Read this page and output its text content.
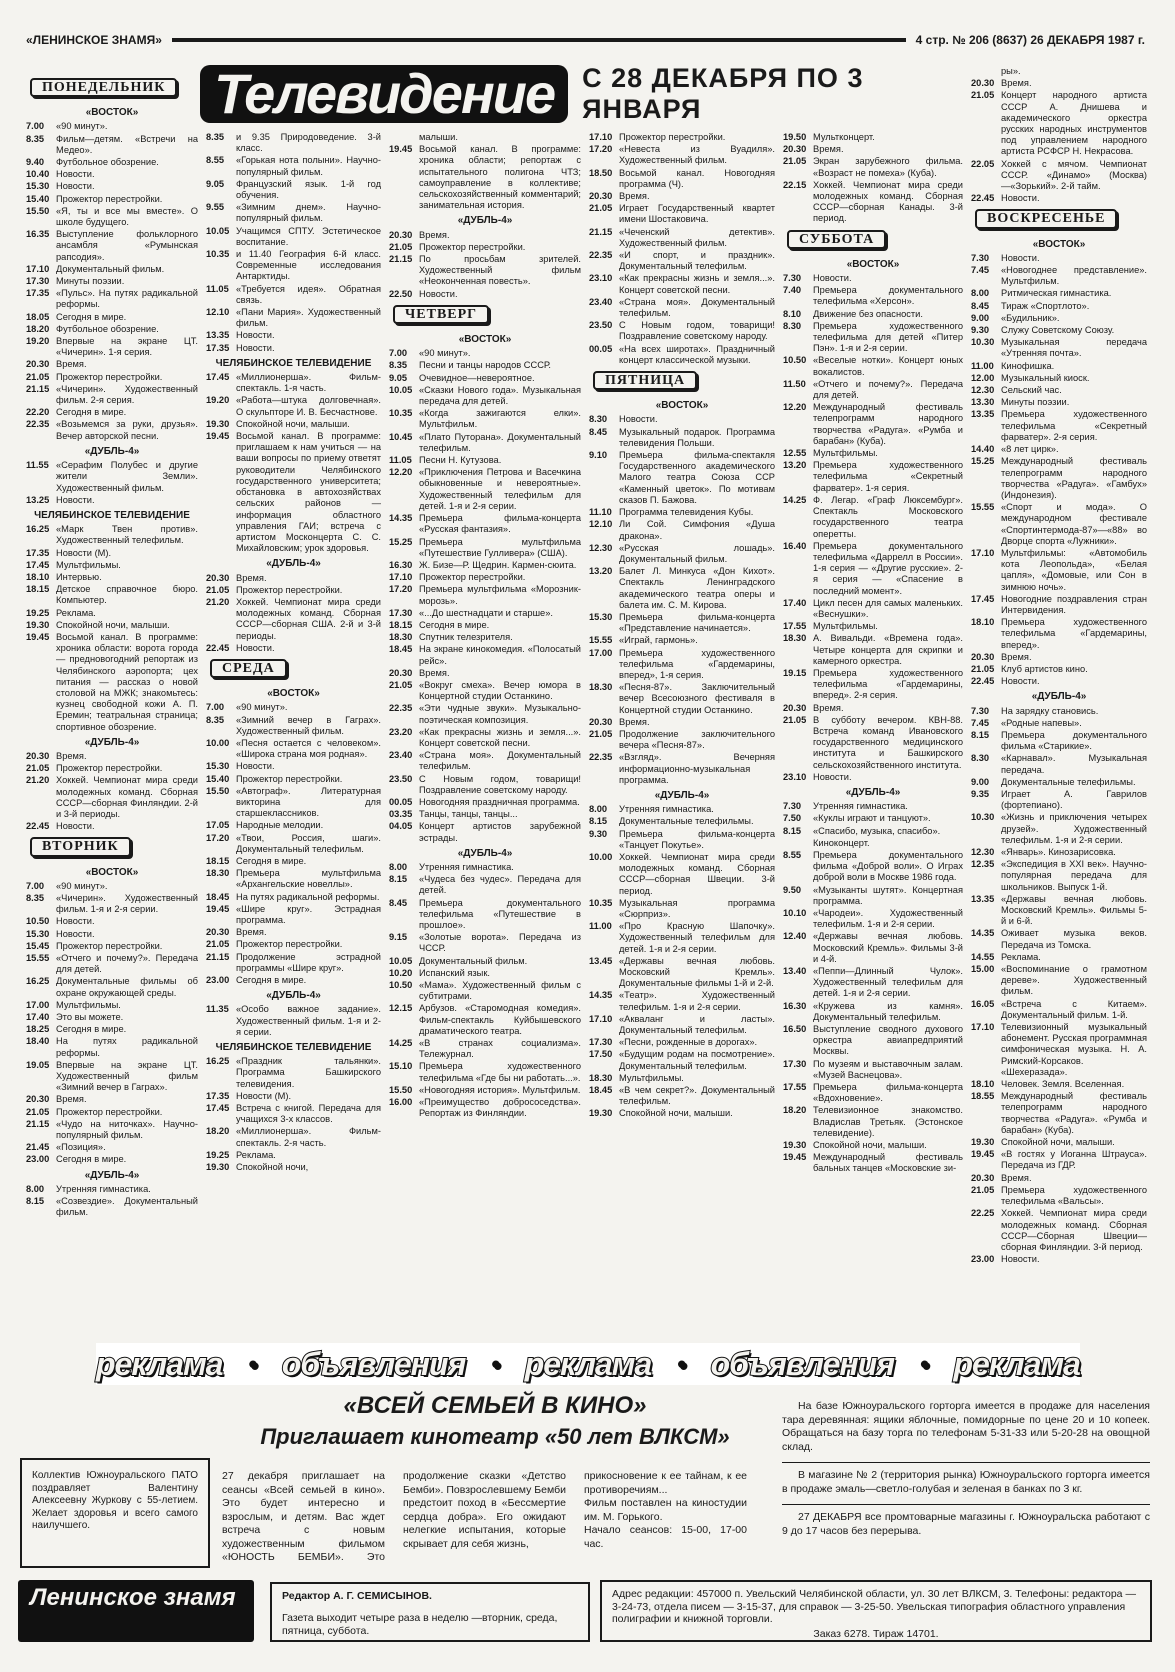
«ЛЕНИНСКОЕ ЗНАМЯ»	4 стр. № 206 (8637) 26 ДЕКАБРЯ 1987 г.
Телевидение	С 28 ДЕКАБРЯ ПО 3 ЯНВАРЯ
ПОНЕДЕЛЬНИК
«ВОСТОК»
7.00	«90 минут».
8.35	Фильм—детям. «Встречи на Медео».
9.40	Футбольное обозрение.
10.40 Новости.
15.30 Новости.
15.40 Прожектор перестройки.
15.50 «Я, ты и все мы вместе». О школе будущего.
16.35 Выступление фольклорного ансамбля «Румынская рапсодия».
17.10 Документальный фильм.
17.30 Минуты поэзии.
17.35 «Пульс». На путях радикальной реформы.
18.05 Сегодня в мире.
18.20 Футбольное обозрение.
19.20 Впервые на экране ЦТ. «Чичерин». 1-я серия.
20.30 Время.
21.05 Прожектор перестройки.
21.15 «Чичерин». Художественный фильм. 2-я серия.
22.20 Сегодня в мире.
22.35 «Возьмемся за руки, друзья». Вечер авторской песни.
«ДУБЛЬ-4»
11.55 «Серафим Полубес и другие жители Земли». Художественный фильм.
13.25 Новости.
ЧЕЛЯБИНСКОЕ ТЕЛЕВИДЕНИЕ
16.25 «Марк Твен против». Художественный телефильм.
17.35 Новости (М).
17.45 Мультфильмы.
18.10 Интервью.
18.15 Детское справочное бюро. Компьютер.
19.25 Реклама.
19.30 Спокойной ночи, малыши.
19.45 Восьмой канал. В программе: хроника области: ворота города — предновогодний репортаж из Челябинского аэропорта; цех питания — рассказ о новой столовой на МЖК; знакомьтесь: кузнец свободной кожи А. П. Еремин; театральная страница; спортивное обозрение.
«ДУБЛЬ-4»
20.30 Время.
21.05 Прожектор перестройки.
21.20 Хоккей. Чемпионат мира среди молодежных команд. Сборная СССР—сборная Финляндии. 2-й и 3-й периоды.
22.45 Новости.
ВТОРНИК
«ВОСТОК»
7.00	«90 минут».
8.35	«Чичерин». Художественный фильм. 1-я и 2-я серии.
10.50 Новости.
15.30 Новости.
15.45 Прожектор перестройки.
15.55 «Отчего и почему?». Передача для детей.
16.25 Документальные фильмы об охране окружающей среды.
17.00 Мультфильмы.
17.40 Это вы можете.
18.25 Сегодня в мире.
18.40 На путях радикальной реформы.
19.05 Впервые на экране ЦТ. Художественный фильм «Зимний вечер в Гаграх».
20.30 Время.
21.05 Прожектор перестройки.
21.15 «Чудо на ниточках». Научно-популярный фильм.
21.45 «Позиция».
23.00 Сегодня в мире.
«ДУБЛЬ-4»
8.00	Утренняя гимнастика.
8.15	«Созвездие». Документальный фильм.
8.35	и 9.35 Природоведение. 3-й класс.
8.55	«Горькая нота полыни». Научно-популярный фильм.
9.05	Французский язык. 1-й год обучения.
9.55	«Зимним днем». Научно-популярный фильм.
10.05 Учащимся СПТУ. Эстетическое воспитание.
10.35 и 11.40 География 6-й класс. Современные исследования Антарктиды.
11.05 «Требуется идея». Обратная связь.
12.10 «Пани Мария». Художественный фильм.
13.35 Новости.
17.35 Новости.
ЧЕЛЯБИНСКОЕ ТЕЛЕВИДЕНИЕ
17.45 «Миллионерша». Фильм-спектакль. 1-я часть.
19.20 «Работа—штука долговечная». О скульпторе И. В. Бесчастнове.
19.30 Спокойной ночи, малыши.
19.45 Восьмой канал. В программе: приглашаем к нам учиться — на ваши вопросы по приему ответят руководители Челябинского государственного университета; обстановка в автохозяйствах сельских районов — информация областного управления ГАИ; встреча с артистом Москонцерта С. С. Михайловским; урок здоровья.
«ДУБЛЬ-4»
20.30 Время.
21.05 Прожектор перестройки.
21.20 Хоккей. Чемпионат мира среди молодежных команд. Сборная СССР—сборная США. 2-й и 3-й периоды.
22.45 Новости.
СРЕДА
«ВОСТОК»
7.00	«90 минут».
8.35	«Зимний вечер в Гаграх». Художественный фильм.
10.00 «Песня остается с человеком». «Широка страна моя родная».
15.30 Новости.
15.40 Прожектор перестройки.
15.50 «Автограф». Литературная викторина для старшеклассников.
17.05 Народные мелодии.
17.20 «Твои, Россия, шаги». Документальный телефильм.
18.15 Сегодня в мире.
18.30 Премьера мультфильма «Архангельские новеллы».
18.45 На путях радикальной реформы.
19.45 «Шире круг». Эстрадная программа.
20.30 Время.
21.05 Прожектор перестройки.
21.15 Продолжение эстрадной программы «Шире круг».
23.00 Сегодня в мире.
«ДУБЛЬ-4»
11.35 «Особо важное задание». Художественный фильм. 1-я и 2-я серии.
ЧЕЛЯБИНСКОЕ ТЕЛЕВИДЕНИЕ
16.25 «Праздник тальянки». Программа Башкирского телевидения.
17.35 Новости (М).
17.45 Встреча с книгой. Передача для учащихся 3-х классов.
18.20 «Миллионерша». Фильм-спектакль. 2-я часть.
19.25 Реклама.
19.30 Спокойной ночи,
малыши.
19.45 Восьмой канал. В программе: хроника области; репортаж с испытательного полигона ЧТЗ; самоуправление в коллективе; сельскохозяйственный комментарий; занимательная история.
«ДУБЛЬ-4»
20.30 Время.
21.05 Прожектор перестройки.
21.15 По просьбам зрителей. Художественный фильм «Неоконченная повесть».
22.50 Новости.
ЧЕТВЕРГ
«ВОСТОК»
7.00	«90 минут».
8.35	Песни и танцы народов СССР.
9.05	Очевидное—невероятное.
10.05 «Сказки Нового года». Музыкальная передача для детей.
10.35 «Когда зажигаются елки». Мультфильм.
10.45 «Плато Путорана». Документальный телефильм.
11.05 Песни Н. Кутузова.
12.20 «Приключения Петрова и Васечкина обыкновенные и невероятные». Художественный телефильм для детей. 1-я и 2-я серии.
14.35 Премьера фильма-концерта «Русская фантазия».
15.25 Премьера мультфильма «Путешествие Гулливера» (США).
16.30 Ж. Бизе—Р. Щедрин. Кармен-сюита.
17.10 Прожектор перестройки.
17.20 Премьера мультфильма «Морозник-морозь».
17.30 «...До шестнадцати и старше».
18.15 Сегодня в мире.
18.30 Спутник телезрителя.
18.45 На экране кинокомедия. «Полосатый рейс».
20.30 Время.
21.05 «Вокруг смеха». Вечер юмора в Концертной студии Останкино.
22.35 «Эти чудные звуки». Музыкально-поэтическая композиция.
23.20 «Как прекрасны жизнь и земля...». Концерт советской песни.
23.40 «Страна моя». Документальный телефильм.
23.50 С Новым годом, товарищи! Поздравление советскому народу.
00.05 Новогодняя праздничная программа.
03.35 Танцы, танцы, танцы...
04.05 Концерт артистов зарубежной эстрады.
«ДУБЛЬ-4»
8.00	Утренняя гимнастика.
8.15	«Чудеса без чудес». Передача для детей.
8.45	Премьера документального телефильма «Путешествие в прошлое».
9.15	«Золотые ворота». Передача из ЧССР.
10.05 Документальный фильм.
10.20 Испанский язык.
10.50 «Мама». Художественный фильм с субтитрами.
12.15 Арбузов. «Старомодная комедия». Фильм-спектакль Куйбышевского драматического театра.
14.25 «В странах социализма». Тележурнал.
15.10 Премьера художественного телефильма «Где бы ни работать...».
15.50 «Новогодняя история». Мультфильм.
16.00 «Преимущество добрососедства». Репортаж из Финляндии.
17.10 Прожектор перестройки.
17.20 «Невеста из Вуадиля». Художественный фильм.
18.50 Восьмой канал. Новогодняя программа (Ч).
20.30 Время.
21.05 Играет Государственный квартет имени Шостаковича.
21.15 «Чеченский детектив». Художественный фильм.
22.35 «И спорт, и праздник». Документальный телефильм.
23.10 «Как прекрасны жизнь и земля...». Концерт советской песни.
23.40 «Страна моя». Документальный телефильм.
23.50 С Новым годом, товарищи! Поздравление советскому народу.
00.05 «На всех широтах». Праздничный концерт классической музыки.
ПЯТНИЦА
«ВОСТОК»
8.30	Новости.
8.45	Музыкальный подарок. Программа телевидения Польши.
9.10	Премьера фильма-спектакля Государственного академического Малого театра Союза ССР «Каменный цветок». По мотивам сказов П. Бажова.
11.10 Программа телевидения Кубы.
12.10 Ли Сой. Симфония «Душа дракона».
12.30 «Русская лошадь». Документальный фильм.
13.20 Балет Л. Минкуса «Дон Кихот». Спектакль Ленинградского академического театра оперы и балета им. С. М. Кирова.
15.30 Премьера фильма-концерта «Представление начинается».
15.55 «Играй, гармонь».
17.00 Премьера художественного телефильма «Гардемарины, вперед», 1-я серия.
18.30 «Песня-87». Заключительный вечер Всесоюзного фестиваля в Концертной студии Останкино.
20.30 Время.
21.05 Продолжение заключительного вечера «Песня-87».
22.35 «Взгляд». Вечерняя информационно-музыкальная программа.
«ДУБЛЬ-4»
8.00	Утренняя гимнастика.
8.15	Документальные телефильмы.
9.30	Премьера фильма-концерта «Танцует Покутье».
10.00 Хоккей. Чемпионат мира среди молодежных команд. Сборная СССР—сборная Швеции. 3-й период.
10.35 Музыкальная программа «Сюрприз».
11.00 «Про Красную Шапочку». Художественный телефильм для детей. 1-я и 2-я серии.
13.45 «Державы вечная любовь. Московский Кремль». Документальные фильмы 1-й и 2-й.
14.35 «Театр». Художественный телефильм. 1-я и 2-я серии.
17.10 «Акваланг и ласты». Документальный телефильм.
17.30 «Песни, рожденные в дорогах».
17.50 «Будущим родам на посмотрение». Документальный телефильм.
18.30 Мультфильмы.
18.45 «В чем секрет?». Документальный телефильм.
19.30 Спокойной ночи, малыши.
19.50 Мультконцерт.
20.30 Время.
21.05 Экран зарубежного фильма. «Возраст не помеха» (Куба).
22.15 Хоккей. Чемпионат мира среди молодежных команд. Сборная СССР—сборная Канады. 3-й период.
СУББОТА
«ВОСТОК»
7.30	Новости.
7.40	Премьера документального телефильма «Херсон».
8.10	Движение без опасности.
8.30	Премьера художественного телефильма для детей «Питер Пэн». 1-я и 2-я серии.
10.50 «Веселые нотки». Концерт юных вокалистов.
11.50 «Отчего и почему?». Передача для детей.
12.20 Международный фестиваль телепрограмм народного творчества «Радуга». «Румба и барабан» (Куба).
12.55 Мультфильмы.
13.20 Премьера художественного телефильма «Секретный фарватер». 1-я серия.
14.25 Ф. Легар. «Граф Люксембург». Спектакль Московского государственного театра оперетты.
16.40 Премьера документального телефильма «Даррелл в России». 1-я серия — «Другие русские». 2-я серия — «Спасение в последний момент».
17.40 Цикл песен для самых маленьких. «Веснушки».
17.55 Мультфильмы.
18.30 А. Вивальди. «Времена года». Четыре концерта для скрипки и камерного оркестра.
19.15 Премьера художественного телефильма «Гардемарины, вперед». 2-я серия.
20.30 Время.
21.05 В субботу вечером. КВН-88. Встреча команд Ивановского государственного медицинского института и Башкирского сельскохозяйственного института.
23.10 Новости.
«ДУБЛЬ-4»
7.30	Утренняя гимнастика.
7.50	«Куклы играют и танцуют».
8.15	«Спасибо, музыка, спасибо».
Киноконцерт.
8.55	Премьера документального фильма «Доброй воли». О Играх доброй воли в Москве 1986 года.
9.50	«Музыканты шутят». Концертная программа.
10.10 «Чародеи». Художественный телефильм. 1-я и 2-я серии.
12.40 «Державы вечная любовь. Московский Кремль». Фильмы 3-й и 4-й.
13.40 «Пеппи—Длинный Чулок». Художественный телефильм для детей. 1-я и 2-я серии.
16.30 «Кружева из камня». Документальный телефильм.
16.50 Выступление сводного духового оркестра авиапредприятий Москвы.
17.30 По музеям и выставочным залам. «Музей Васнецова».
17.55 Премьера фильма-концерта «Вдохновение».
18.20 Телевизионное знакомство. Владислав Третьяк. (Эстонское телевидение).
19.30 Спокойной ночи, малыши.
19.45 Международный фестиваль бальных танцев «Московские зи-
ры».
20.30 Время.
21.05 Концерт народного артиста СССР А. Днишева и академического оркестра русских народных инструментов под управлением народного артиста РСФСР Н. Некрасова.
22.05 Хоккей с мячом. Чемпионат СССР. «Динамо» (Москва)—«Зорький». 2-й тайм.
22.45 Новости.
ВОСКРЕСЕНЬЕ
«ВОСТОК»
7.30	Новости.
7.45	«Новогоднее представление». Мультфильм.
8.00	Ритмическая гимнастика.
8.45	Тираж «Спортлото».
9.00	«Будильник».
9.30	Служу Советскому Союзу.
10.30 Музыкальная передача «Утренняя почта».
11.00 Кинофишка.
12.00 Музыкальный киоск.
12.30 Сельский час.
13.30 Минуты поэзии.
13.35 Премьера художественного телефильма «Секретный фарватер». 2-я серия.
14.40 «8 лет цирк».
15.25 Международный фестиваль телепрограмм народного творчества «Радуга». «Гамбух» (Индонезия).
15.55 «Спорт и мода». О международном фестивале «Спортинтермода-87»—«88» во Дворце спорта «Лужники».
17.10 Мультфильмы: «Автомобиль кота Леопольда», «Белая цапля», «Домовые, или Сон в зимнюю ночь».
17.45 Новогодние поздравления стран Интервидения.
18.10 Премьера художественного телефильма «Гардемарины, вперед».
20.30 Время.
21.05 Клуб артистов кино.
22.45 Новости.
«ДУБЛЬ-4»
7.30	На зарядку становись.
7.45	«Родные напевы».
8.15	Премьера документального фильма «Старикие».
8.30	«Карнавал». Музыкальная передача.
9.00	Документальные телефильмы.
9.35	Играет А. Гаврилов (фортепиано).
10.30 «Жизнь и приключения четырех друзей». Художественный телефильм. 1-я и 2-я серии.
12.30 «Январь». Кинозарисовка.
12.35 «Экспедиция в XXI век». Научно-популярная передача для школьников. Выпуск 1-й.
13.35 «Державы вечная любовь. Московский Кремль». Фильмы 5-й и 6-й.
14.35 Оживает музыка веков. Передача из Томска.
14.55 Реклама.
15.00 «Воспоминание о грамотном дереве». Художественный фильм.
16.05 «Встреча с Китаем». Документальный фильм. 1-й.
17.10 Телевизионный музыкальный абонемент. Русская программная симфоническая музыка. Н. А. Римский-Корсаков. «Шехеразада».
18.10 Человек. Земля. Вселенная.
18.55 Международный фестиваль телепрограмм народного творчества «Радуга». «Румба и барабан» (Куба).
19.30 Спокойной ночи, малыши.
19.45 «В гостях у Иоганна Штрауса». Передача из ГДР.
20.30 Время.
21.05 Премьера художественного телефильма «Вальсы».
22.25 Хоккей. Чемпионат мира среди молодежных команд. Сборная СССР—Сборная Швеции—сборная Финляндии. 3-й период.
23.00 Новости.
реклама • объявления • реклама • объявления • реклама
«ВСЕЙ СЕМЬЕЙ В КИНО»
Приглашает кинотеатр «50 лет ВЛКСМ»
Коллектив Южноуральского ПАТО поздравляет Валентину Алексеевну Журкову с 55-летием. Желает здоровья и всего самого наилучшего.
27 декабря приглашает на сеансы «Всей семьей в кино». Это будет интересно и взрослым, и детям. Вас ждет встреча с новым художественным фильмом «ЮНОСТЬ БЕМБИ». Это продолжение сказки «Детство Бемби». Повзрослевшему Бемби предстоит поход в «Бессмертие сердца добра». Его ожидают нелегкие испытания, которые скрывает для себя жизнь,
прикосновение к ее тайнам, к ее противоречиям...
Фильм поставлен на киностудии им. М. Горького.
Начало сеансов: 15-00, 17-00 час.

На базе Южноуральского горторга имеется в продаже для населения тара деревянная: ящики яблочные, помидорные по цене 20 и 10 копеек. Обращаться на базу торга по телефонам 5-31-33 или 5-20-28 на овощной склад.

В магазине № 2 (территория рынка) Южноуральского горторга имеется в продаже эмаль—светло-голубая и зеленая в банках по 3 кг.

27 ДЕКАБРЯ все промтоварные магазины г. Южноуральска работают с 9 до 17 часов без перерыва.

Ленинское знамя	Редактор А. Г. СЕМИСЫНОВ.
Газета выходит четыре раза в неделю —вторник, среда, пятница, суббота.
Адрес редакции: 457000 п. Увельский Челябинской области, ул. 30 лет ВЛКСМ, 3. Телефоны: редактора — 3-24-73, отдела писем — 3-15-37, для справок — 3-25-50. Увельская типография областного управления полиграфии и книжной торговли.
Заказ 6278. Тираж 14701.
